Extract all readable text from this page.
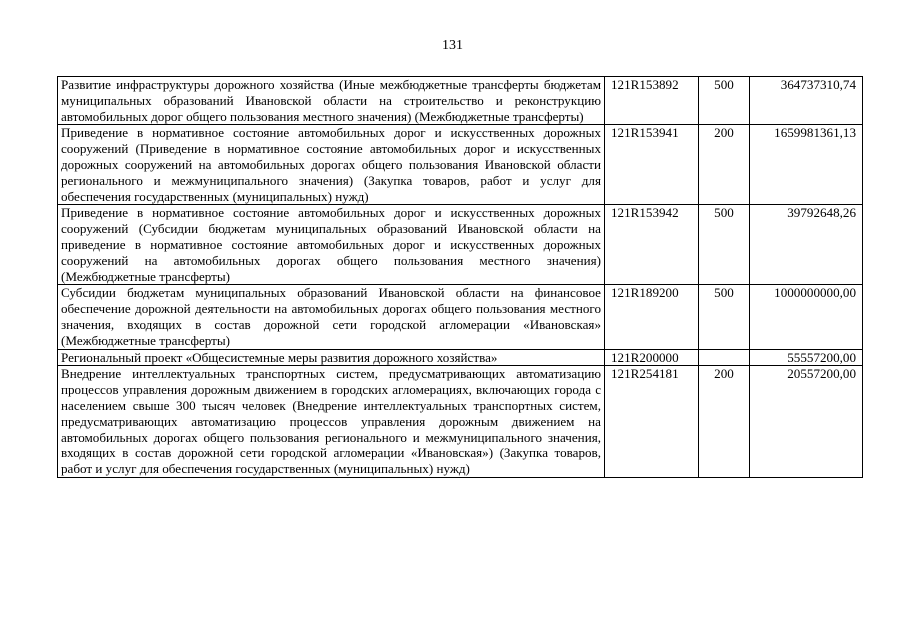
131
Развитие инфраструктуры дорожного хозяйства (Иные межбюджетные трансферты бюджетам муниципальных образований Ивановской области на строительство и реконструкцию автомобильных дорог общего пользования местного значения) (Межбюджетные трансферты)	121R153892	500	364737310,74
Приведение в нормативное состояние автомобильных дорог и искусственных дорожных сооружений (Приведение в нормативное состояние автомобильных дорог и искусственных дорожных сооружений на автомобильных дорогах общего пользования Ивановской области регионального и межмуниципального значения) (Закупка товаров, работ и услуг для обеспечения государственных (муниципальных) нужд)	121R153941	200	1659981361,13
Приведение в нормативное состояние автомобильных дорог и искусственных дорожных сооружений (Субсидии бюджетам муниципальных образований Ивановской области на приведение в нормативное состояние автомобильных дорог и искусственных дорожных сооружений на автомобильных дорогах общего пользования местного значения) (Межбюджетные трансферты)	121R153942	500	39792648,26
Субсидии бюджетам муниципальных образований Ивановской области на финансовое обеспечение дорожной деятельности на автомобильных дорогах общего пользования местного значения, входящих в состав дорожной сети городской агломерации «Ивановская» (Межбюджетные трансферты)	121R189200	500	1000000000,00
Региональный проект «Общесистемные меры развития дорожного хозяйства»	121R200000		55557200,00
Внедрение интеллектуальных транспортных систем, предусматривающих автоматизацию процессов управления дорожным движением в городских агломерациях, включающих города с населением свыше 300 тысяч человек (Внедрение интеллектуальных транспортных систем, предусматривающих автоматизацию процессов управления дорожным движением на автомобильных дорогах общего пользования регионального и межмуниципального значения, входящих в состав дорожной сети городской агломерации «Ивановская») (Закупка товаров, работ и услуг для обеспечения государственных (муниципальных) нужд)	121R254181	200	20557200,00
